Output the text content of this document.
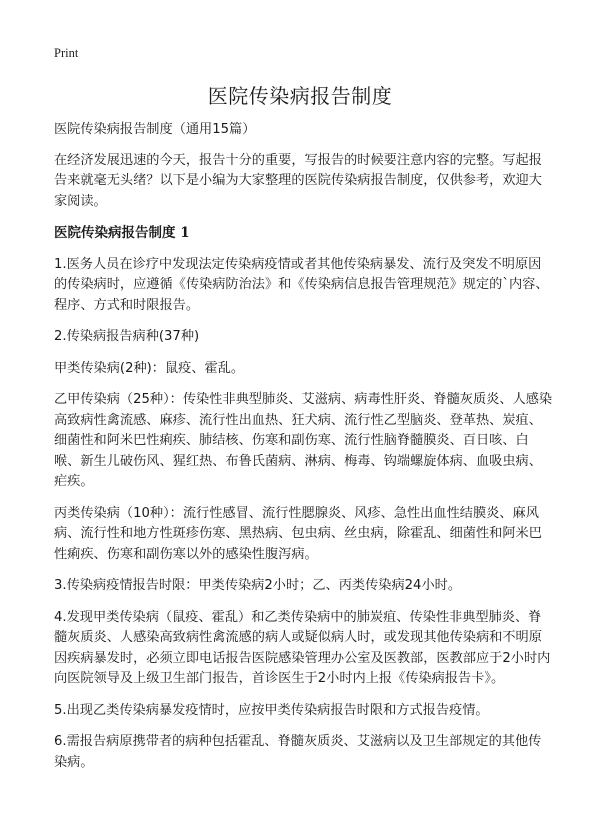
Print
医院传染病报告制度

医院传染病报告制度（通用15篇）

在经济发展迅速的今天，报告十分的重要，写报告的时候要注意内容的完整。写起报告来就毫无头绪？以下是小编为大家整理的医院传染病报告制度，仅供参考，欢迎大家阅读。

医院传染病报告制度 1

1.医务人员在诊疗中发现法定传染病疫情或者其他传染病暴发、流行及突发不明原因的传染病时，应遵循《传染病防治法》和《传染病信息报告管理规范》规定的`内容、程序、方式和时限报告。

2.传染病报告病种(37种)

甲类传染病(2种)：鼠疫、霍乱。

乙甲传染病（25种）：传染性非典型肺炎、艾滋病、病毒性肝炎、脊髓灰质炎、人感染高致病性禽流感、麻疹、流行性出血热、狂犬病、流行性乙型脑炎、登革热、炭疽、细菌性和阿米巴性痢疾、肺结核、伤寒和副伤寒、流行性脑脊髓膜炎、百日咳、白喉、新生儿破伤风、猩红热、布鲁氏菌病、淋病、梅毒、钩端螺旋体病、血吸虫病、疟疾。

丙类传染病（10种）：流行性感冒、流行性腮腺炎、风疹、急性出血性结膜炎、麻风病、流行性和地方性斑疹伤寒、黑热病、包虫病、丝虫病，除霍乱、细菌性和阿米巴性痢疾、伤寒和副伤寒以外的感染性腹泻病。

3.传染病疫情报告时限：甲类传染病2小时；乙、丙类传染病24小时。

4.发现甲类传染病（鼠疫、霍乱）和乙类传染病中的肺炭疽、传染性非典型肺炎、脊髓灰质炎、人感染高致病性禽流感的病人或疑似病人时，或发现其他传染病和不明原因疾病暴发时，必须立即电话报告医院感染管理办公室及医教部，医教部应于2小时内向医院领导及上级卫生部门报告，首诊医生于2小时内上报《传染病报告卡》。

5.出现乙类传染病暴发疫情时，应按甲类传染病报告时限和方式报告疫情。

6.需报告病原携带者的病种包括霍乱、脊髓灰质炎、艾滋病以及卫生部规定的其他传染病。
